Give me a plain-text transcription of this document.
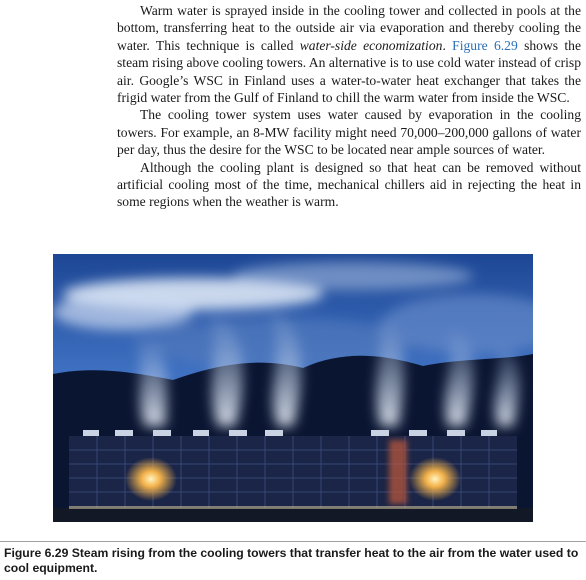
Warm water is sprayed inside in the cooling tower and collected in pools at the bottom, transferring heat to the outside air via evaporation and thereby cooling the water. This technique is called water-side economization. Figure 6.29 shows the steam rising above cooling towers. An alternative is to use cold water instead of crisp air. Google’s WSC in Finland uses a water-to-water heat exchanger that takes the frigid water from the Gulf of Finland to chill the warm water from inside the WSC.

The cooling tower system uses water caused by evaporation in the cooling towers. For example, an 8-MW facility might need 70,000–200,000 gallons of water per day, thus the desire for the WSC to be located near ample sources of water.

Although the cooling plant is designed so that heat can be removed without artificial cooling most of the time, mechanical chillers aid in rejecting the heat in some regions when the weather is warm.

Figure 6.29 Steam rising from the cooling towers that transfer heat to the air from the water used to cool equipment.
